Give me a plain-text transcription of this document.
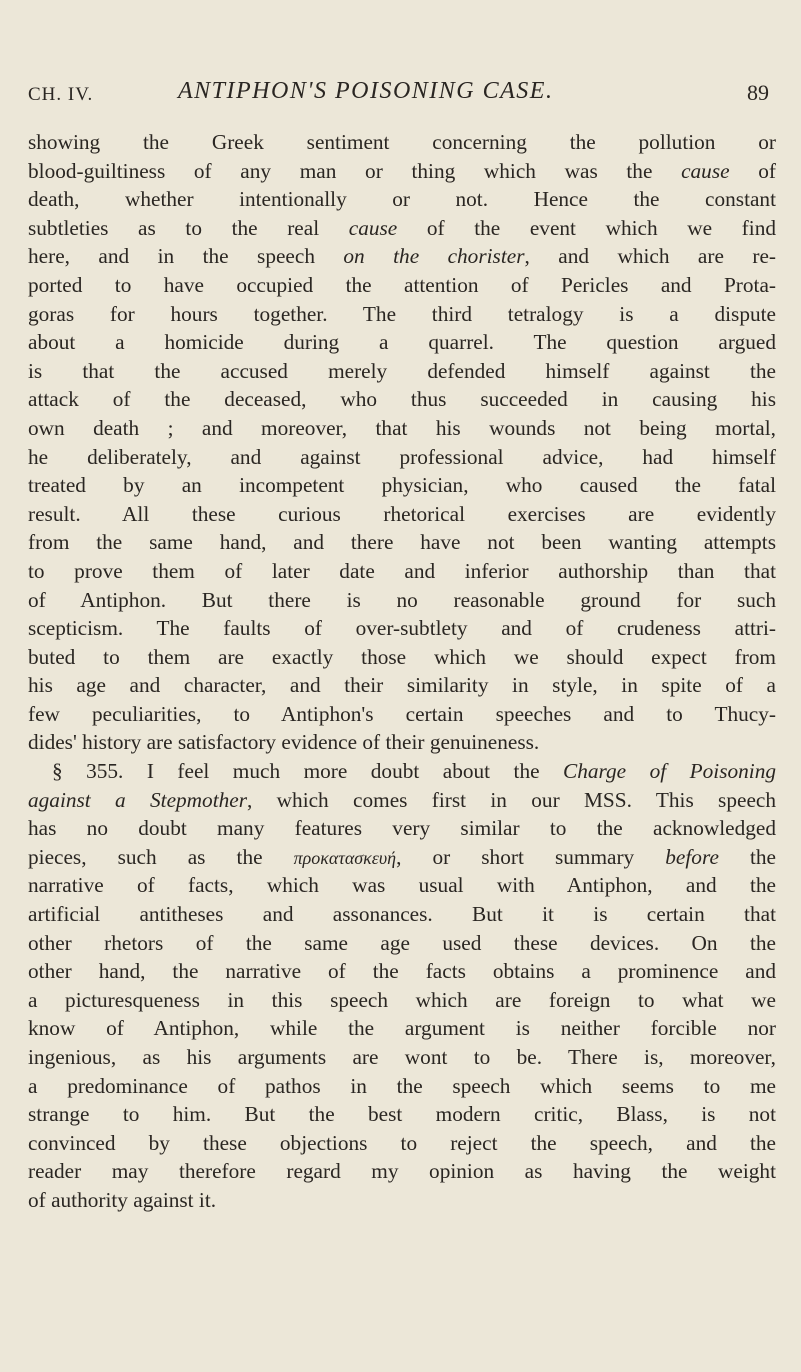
CH. IV.	ANTIPHON'S POISONING CASE.	89
showing the Greek sentiment concerning the pollution or
blood-guiltiness of any man or thing which was the cause of
death, whether intentionally or not. Hence the constant
subtleties as to the real cause of the event which we find
here, and in the speech on the chorister, and which are re-
ported to have occupied the attention of Pericles and Prota-
goras for hours together. The third tetralogy is a dispute
about a homicide during a quarrel. The question argued
is that the accused merely defended himself against the
attack of the deceased, who thus succeeded in causing his
own death ; and moreover, that his wounds not being mortal,
he deliberately, and against professional advice, had himself
treated by an incompetent physician, who caused the fatal
result. All these curious rhetorical exercises are evidently
from the same hand, and there have not been wanting attempts
to prove them of later date and inferior authorship than that
of Antiphon. But there is no reasonable ground for such
scepticism. The faults of over-subtlety and of crudeness attri-
buted to them are exactly those which we should expect from
his age and character, and their similarity in style, in spite of a
few peculiarities, to Antiphon's certain speeches and to Thucy-
dides' history are satisfactory evidence of their genuineness.
§ 355. I feel much more doubt about the Charge of Poisoning
against a Stepmother, which comes first in our MSS. This speech
has no doubt many features very similar to the acknowledged
pieces, such as the προκατασκευή, or short summary before the
narrative of facts, which was usual with Antiphon, and the
artificial antitheses and assonances. But it is certain that
other rhetors of the same age used these devices. On the
other hand, the narrative of the facts obtains a prominence and
a picturesqueness in this speech which are foreign to what we
know of Antiphon, while the argument is neither forcible nor
ingenious, as his arguments are wont to be. There is, moreover,
a predominance of pathos in the speech which seems to me
strange to him. But the best modern critic, Blass, is not
convinced by these objections to reject the speech, and the
reader may therefore regard my opinion as having the weight
of authority against it.
